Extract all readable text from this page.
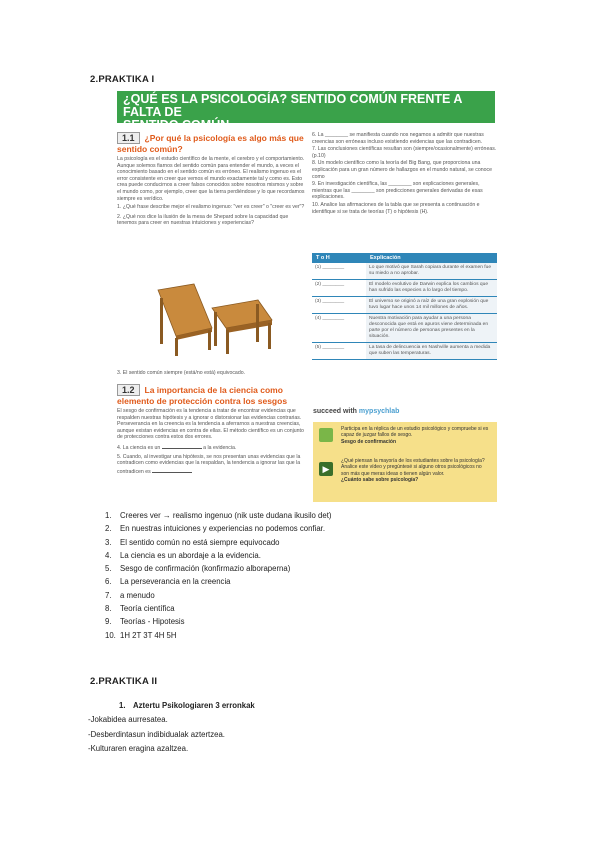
2.PRAKTIKA I
¿QUÉ ES LA PSICOLOGÍA? SENTIDO COMÚN FRENTE A FALTA DE
SENTIDO COMÚN
1.1 ¿Por qué la psicología es algo más que sentido común?
La psicología es el estudio científico de la mente, el cerebro y el comportamiento. Aunque solemos fiarnos del sentido común para entender el mundo, a veces el conocimiento basado en el sentido común es erróneo. El realismo ingenuo es el error consistente en creer que vemos el mundo exactamente tal y como es. Esto crea puede conducirnos a creer falsos conocidos sobre nosotros mismos y sobre el mundo como, por ejemplo, creer que la tierra perdiéndose y lo que recordamos siempre es verídico.
1. ¿Qué frase describe mejor el realismo ingenuo: "ver es creer" o "creer es ver"?
2. ¿Qué nos dice la ilusión de la mesa de Shepard sobre la capacidad que tenemos para creer en nuestras intuiciones y experiencias?
3. El sentido común siempre (está/no está) equivocado.
1.2 La importancia de la ciencia como elemento de protección contra los sesgos
El sesgo de confirmación es la tendencia a tratar de encontrar evidencias que respalden nuestras hipótesis y a ignorar o distorsionar las evidencias contrarias. Perseverancia en la creencia es la tendencia a aferrarnos a nuestras creencias, aunque existan evidencias en contra de ellas. El método científico es un conjunto de protecciones contra estos dos errores.
4. La ciencia es un	a la evidencia.
5. Cuando, al investigar una hipótesis, se nos presentan unas evidencias que la contradicen como evidencias que la respaldan, la tendencia a ignorar las que la contradicen es
6. La ________ se manifiesta cuando nos negamos a admitir que nuestras creencias son erróneas incluso existiendo evidencias que las contradicen.
7. Las conclusiones científicas resultan son (siempre/ocasionalmente) erróneas. (p.10)
8. Un modelo científico como la teoría del Big Bang, que proporciona una explicación para un gran número de hallazgos en el mundo natural, se conoce como
9. En investigación científica, las ________ son explicaciones generales, mientras que las ________ son predicciones generales derivadas de esas explicaciones.
10. Analice las afirmaciones de la tabla que se presenta a continuación e identifique si se trata de teorías (T) o hipótesis (H).
T o H	Explicación
(1) ________	Lo que motivó que Sarah copiara durante el examen fue su miedo a no aprobar.
(2) ________	El modelo evolutivo de Darwin explica los cambios que han sufrido las especies a lo largo del tiempo.
(3) ________	El universo se originó a raíz de una gran explosión que tuvo lugar hace unos 14 mil millones de años.
(4) ________	Nuestra motivación para ayudar a una persona desconocida que está en apuros viene determinada en parte por el número de personas presentes en la situación.
(5) ________	La tasa de delincuencia en Nashville aumenta a medida que suben las temperaturas.
succeed with mypsychlab
Participa en la réplica de un estudio psicológico y compruebe si es capaz de juzgar fallos de sesgo.
Sesgo de confirmación
▶
¿Qué piensan la mayoría de los estudiantes sobre la psicología? Analice este vídeo y pregúntesé si alguno otros psicológicos no son más que meras ideas o tienen algún valor.
¿Cuánto sabe sobre psicología?
1. Creeres ver → realismo ingenuo (nik uste dudana ikusilo det)
2. En nuestras intuiciones y experiencias no podemos confiar.
3. El sentido común no está siempre equivocado
4. La ciencia es un abordaje a la evidencia.
5. Sesgo de confirmación (konfirmazio alboraperna)
6. La perseverancia en la creencia
7. a menudo
8. Teoría científica
9. Teorías - Hipotesis
10. 1H 2T 3T 4H 5H
2.PRAKTIKA II
1. Aztertu Psikologiaren 3 erronkak
-Jokabidea aurresatea.
-Desberdintasun indibidualak aztertzea.
-Kulturaren eragina azaltzea.
